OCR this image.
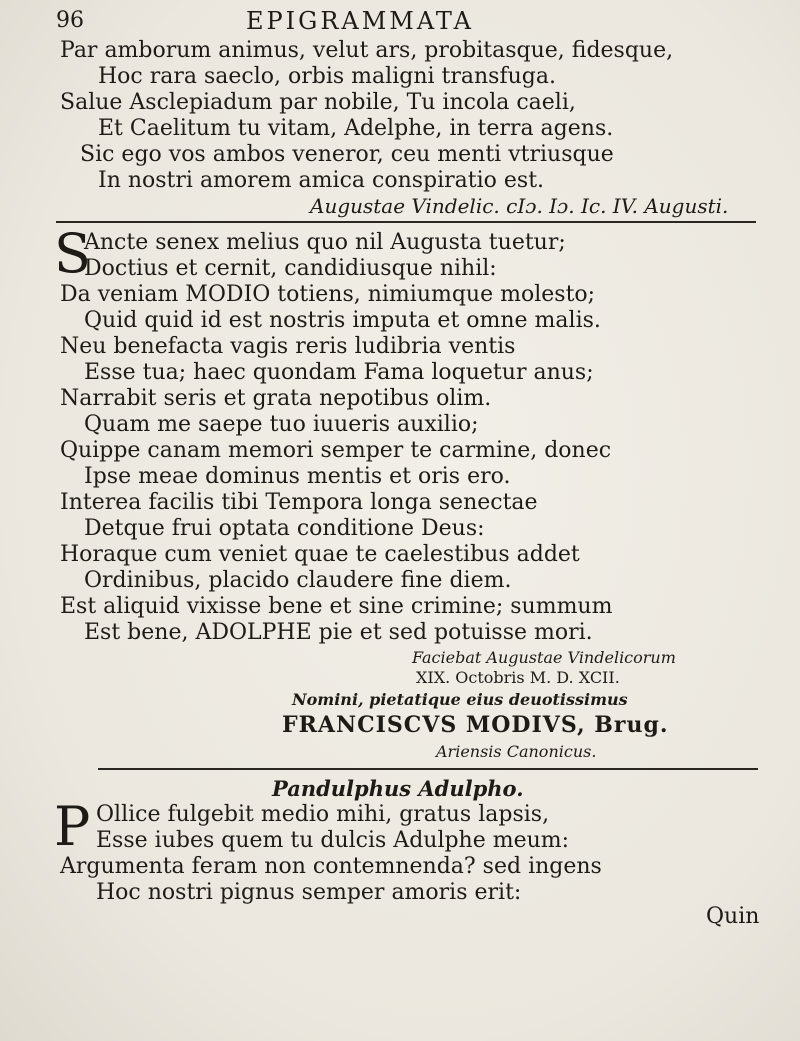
96	EPIGRAMMATA
Par amborum animus, velut ars, probitasque, fidesque,
Hoc rara saeclo, orbis maligni transfuga.
Salue Asclepiadum par nobile, Tu incola caeli,
Et Caelitum tu vitam, Adelphe, in terra agens.
Sic ego vos ambos veneror, ceu menti vtriusque
In nostri amorem amica conspiratio est.
Augustae Vindelic. cIɔ. Iɔ. Ic. IV. Augusti.
S
Ancte senex melius quo nil Augusta tuetur;
Doctius et cernit, candidiusque nihil:
Da veniam MODIO totiens, nimiumque molesto;
Quid quid id est nostris imputa et omne malis.
Neu benefacta vagis reris ludibria ventis
Esse tua; haec quondam Fama loquetur anus;
Narrabit seris et grata nepotibus olim.
Quam me saepe tuo iuueris auxilio;
Quippe canam memori semper te carmine, donec
Ipse meae dominus mentis et oris ero.
Interea facilis tibi Tempora longa senectae
Detque frui optata conditione Deus:
Horaque cum veniet quae te caelestibus addet
Ordinibus, placido claudere fine diem.
Est aliquid vixisse bene et sine crimine; summum
Est bene, ADOLPHE pie et sed potuisse mori.
Faciebat Augustae Vindelicorum
XIX. Octobris M. D. XCII.
Nomini, pietatique eius deuotissimus
FRANCISCVS MODIVS, Brug.
Ariensis Canonicus.
Pandulphus Adulpho.
P Ollice fulgebit medio mihi, gratus lapsis,
Esse iubes quem tu dulcis Adulphe meum:
Argumenta feram non contemnenda? sed ingens
Hoc nostri pignus semper amoris erit:
Quin
